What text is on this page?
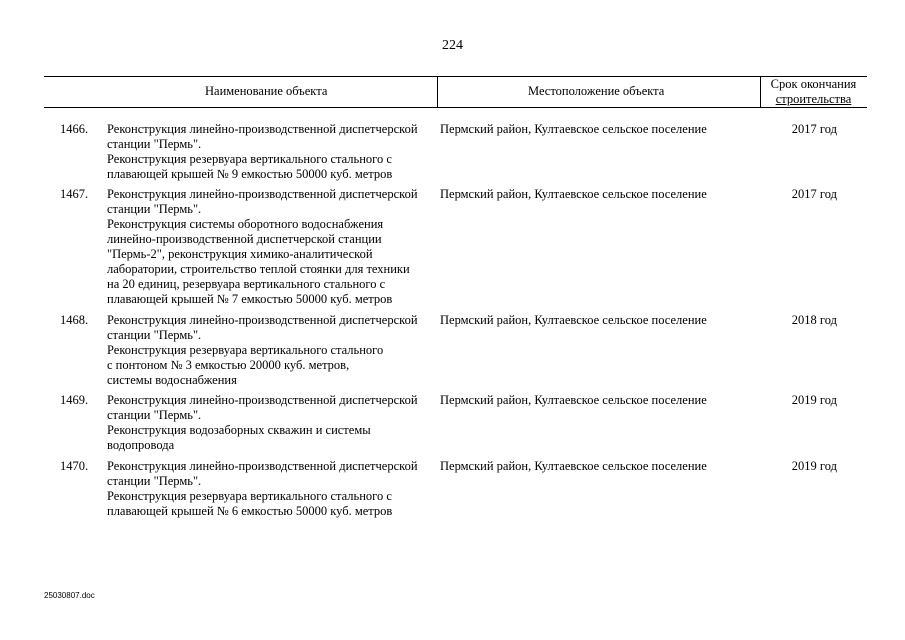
224
Наименование объекта	Местоположение объекта	Срок окончания
строительства
1466. Реконструкция линейно-производственной диспетчерской
станции "Пермь".
Реконструкция резервуара вертикального стального с
плавающей крышей № 9 емкостью 50000 куб. метров
Пермский район, Култаевское сельское поселение	2017 год
1467. Реконструкция линейно-производственной диспетчерской
станции "Пермь".
Реконструкция системы оборотного водоснабжения
линейно-производственной диспетчерской станции
"Пермь-2", реконструкция химико-аналитической
лаборатории, строительство теплой стоянки для техники
на 20 единиц, резервуара вертикального стального с
плавающей крышей № 7 емкостью 50000 куб. метров
Пермский район, Култаевское сельское поселение	2017 год
1468. Реконструкция линейно-производственной диспетчерской
станции "Пермь".
Реконструкция резервуара вертикального стального
с понтоном № 3 емкостью 20000 куб. метров,
системы водоснабжения
Пермский район, Култаевское сельское поселение	2018 год
1469. Реконструкция линейно-производственной диспетчерской
станции "Пермь".
Реконструкция водозаборных скважин и системы
водопровода
Пермский район, Култаевское сельское поселение	2019 год
1470. Реконструкция линейно-производственной диспетчерской
станции "Пермь".
Реконструкция резервуара вертикального стального с
плавающей крышей № 6 емкостью 50000 куб. метров
Пермский район, Култаевское сельское поселение	2019 год
25030807.doc
